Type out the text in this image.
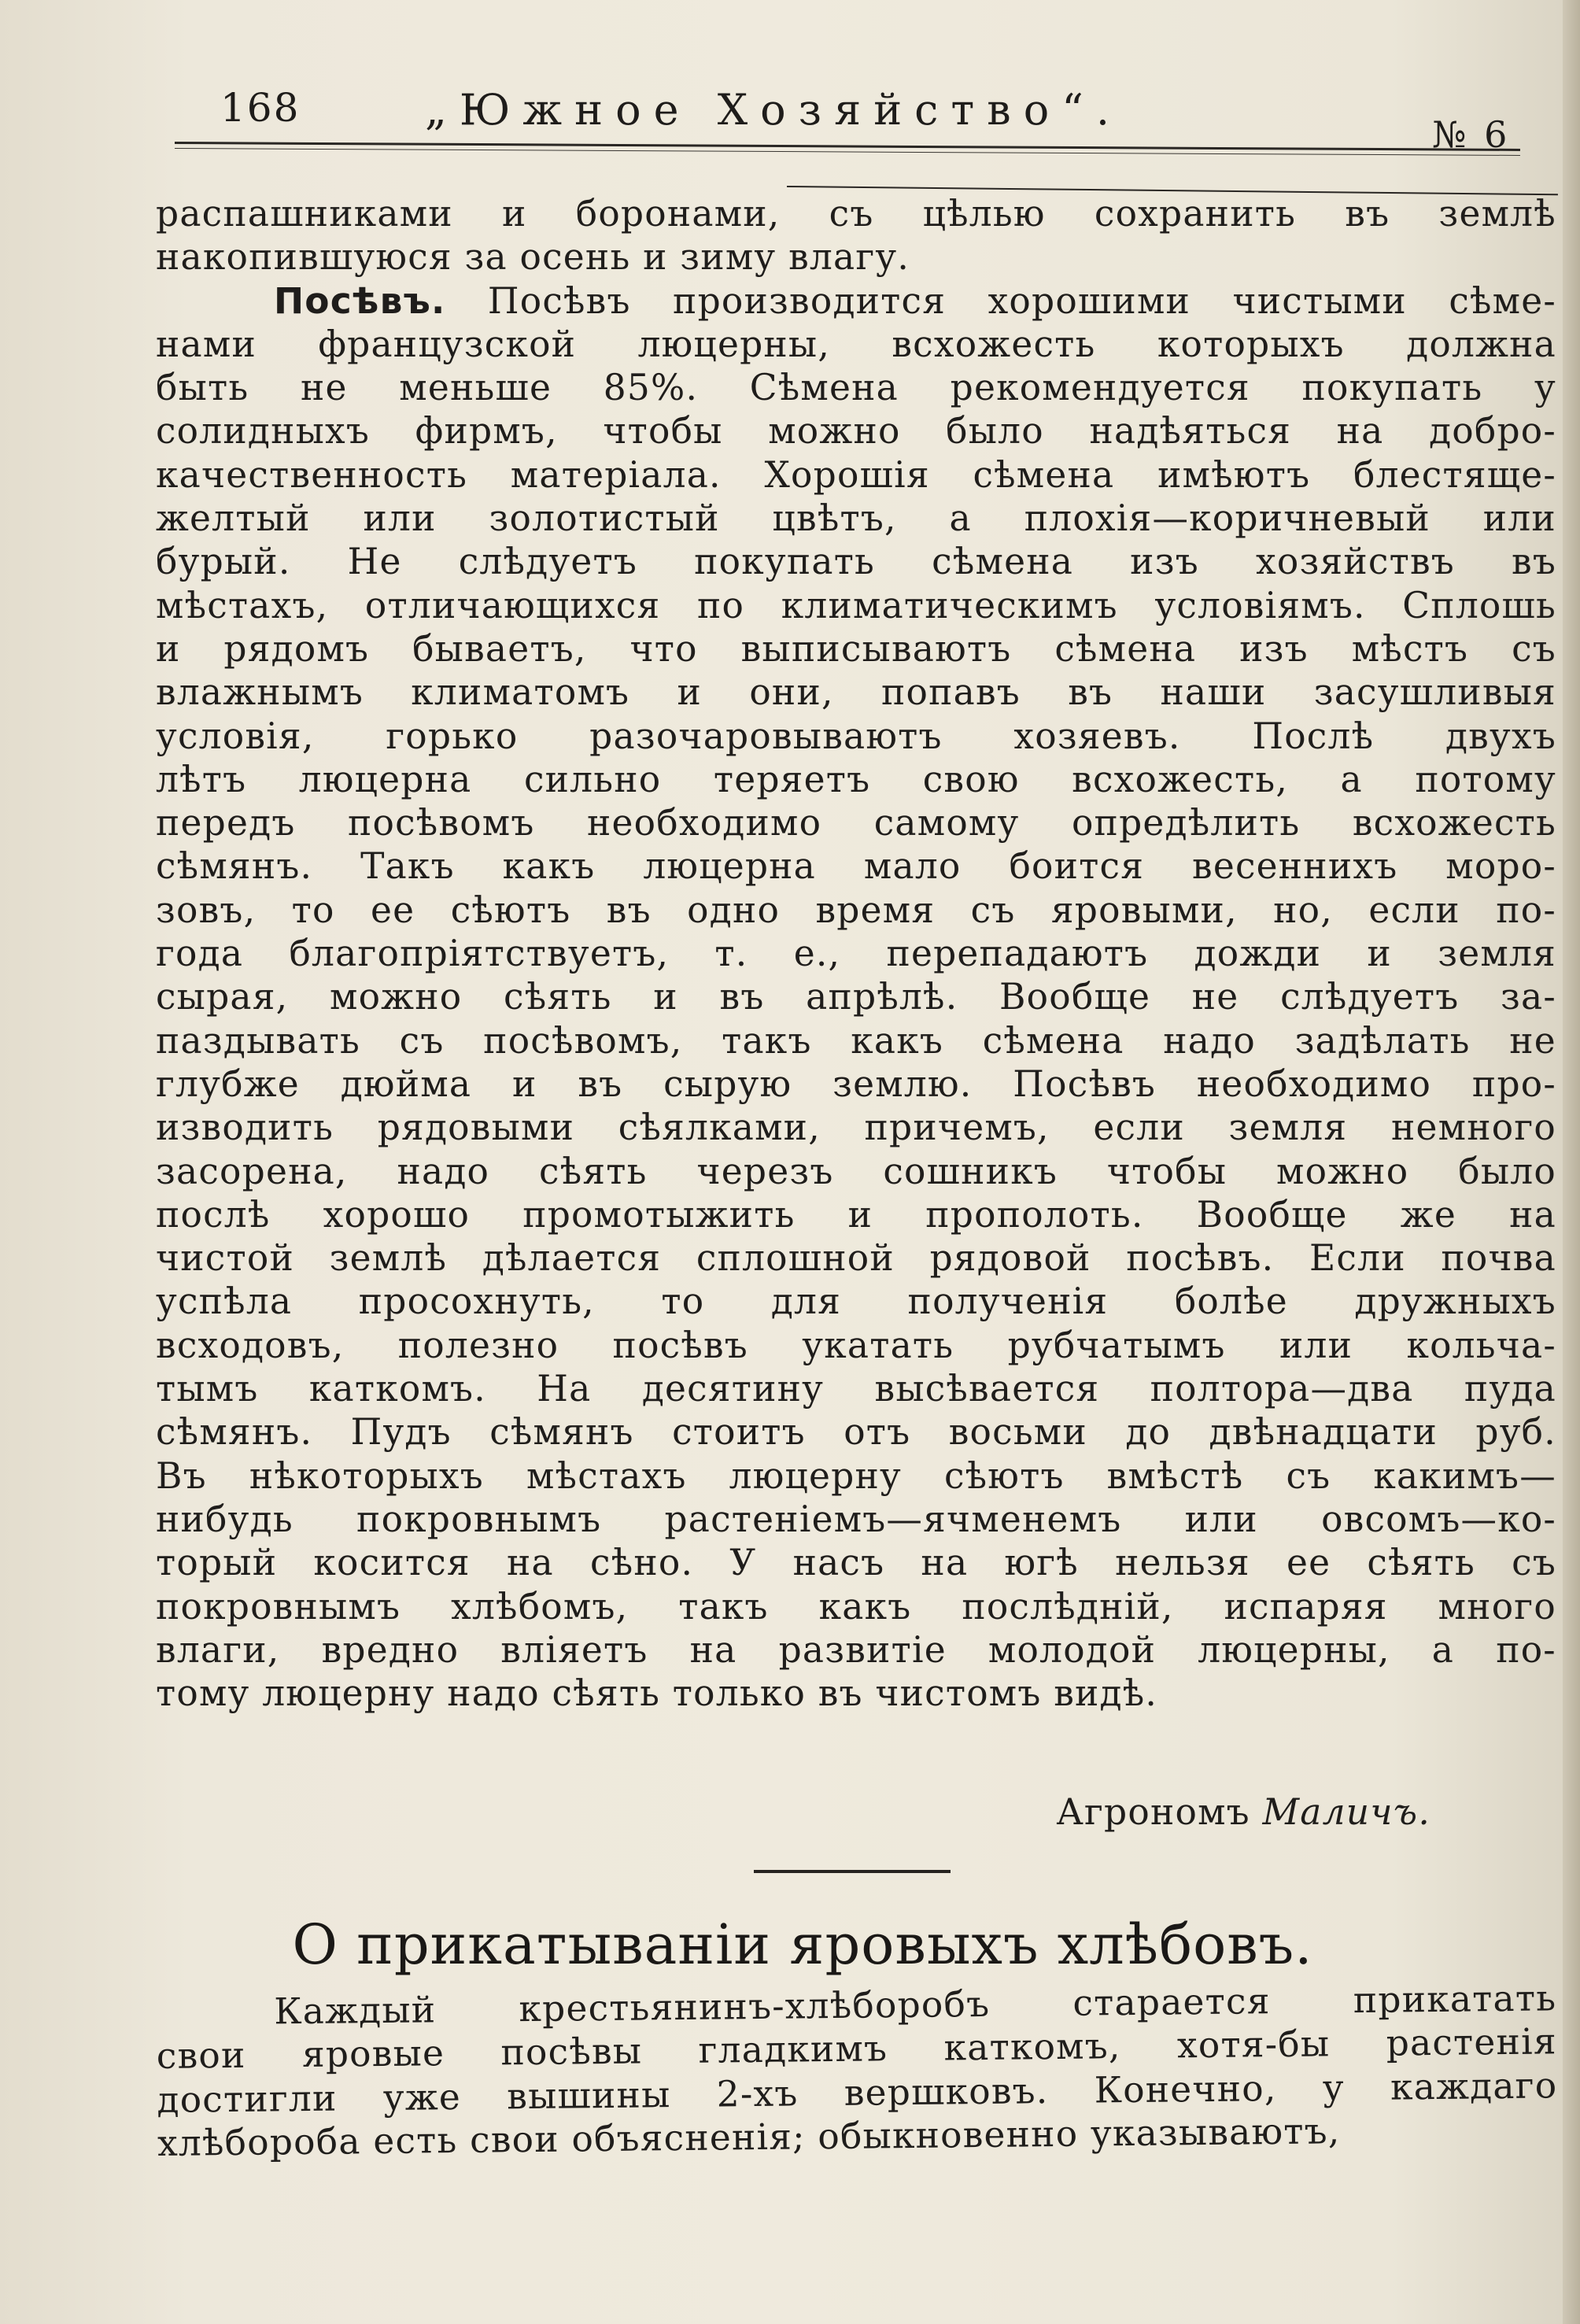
168	„Южное Хозяйство“.	№ 6
распашниками и боронами, съ цѣлью сохранить въ землѣ
накопившуюся за осень и зиму влагу.
Посѣвъ. Посѣвъ производится хорошими чистыми сѣме-
нами французской люцерны, всхожесть которыхъ должна
быть не меньше 85%. Сѣмена рекомендуется покупать у
солидныхъ фирмъ, чтобы можно было надѣяться на добро-
качественность матеріала. Хорошія сѣмена имѣютъ блестяще-
желтый или золотистый цвѣтъ, а плохія—коричневый или
бурый. Не слѣдуетъ покупать сѣмена изъ хозяйствъ въ
мѣстахъ, отличающихся по климатическимъ условіямъ. Сплошь
и рядомъ бываетъ, что выписываютъ сѣмена изъ мѣстъ съ
влажнымъ климатомъ и они, попавъ въ наши засушливыя
условія, горько разочаровываютъ хозяевъ. Послѣ двухъ
лѣтъ люцерна сильно теряетъ свою всхожесть, а потому
передъ посѣвомъ необходимо самому опредѣлить всхожесть
сѣмянъ. Такъ какъ люцерна мало боится весеннихъ моро-
зовъ, то ее сѣютъ въ одно время съ яровыми, но, если по-
года благопріятствуетъ, т. е., перепадаютъ дожди и земля
сырая, можно сѣять и въ апрѣлѣ. Вообще не слѣдуетъ за-
паздывать съ посѣвомъ, такъ какъ сѣмена надо задѣлать не
глубже дюйма и въ сырую землю. Посѣвъ необходимо про-
изводить рядовыми сѣялками, причемъ, если земля немного
засорена, надо сѣять черезъ сошникъ чтобы можно было
послѣ хорошо промотыжить и прополоть. Вообще же на
чистой землѣ дѣлается сплошной рядовой посѣвъ. Если почва
успѣла просохнуть, то для полученія болѣе дружныхъ
всходовъ, полезно посѣвъ укатать рубчатымъ или кольча-
тымъ каткомъ. На десятину высѣвается полтора—два пуда
сѣмянъ. Пудъ сѣмянъ стоитъ отъ восьми до двѣнадцати руб.
Въ нѣкоторыхъ мѣстахъ люцерну сѣютъ вмѣстѣ съ какимъ—
нибудь покровнымъ растеніемъ—ячменемъ или овсомъ—ко-
торый косится на сѣно. У насъ на югѣ нельзя ее сѣять съ
покровнымъ хлѣбомъ, такъ какъ послѣдній, испаряя много
влаги, вредно вліяетъ на развитіе молодой люцерны, а по-
тому люцерну надо сѣять только въ чистомъ видѣ.
Агрономъ Маличъ.
О прикатываніи яровыхъ хлѣбовъ.
Каждый крестьянинъ-хлѣборобъ старается прикатать
свои яровые посѣвы гладкимъ каткомъ, хотя-бы растенія
достигли уже вышины 2-хъ вершковъ. Конечно, у каждаго
хлѣбороба есть свои объясненія; обыкновенно указываютъ,
